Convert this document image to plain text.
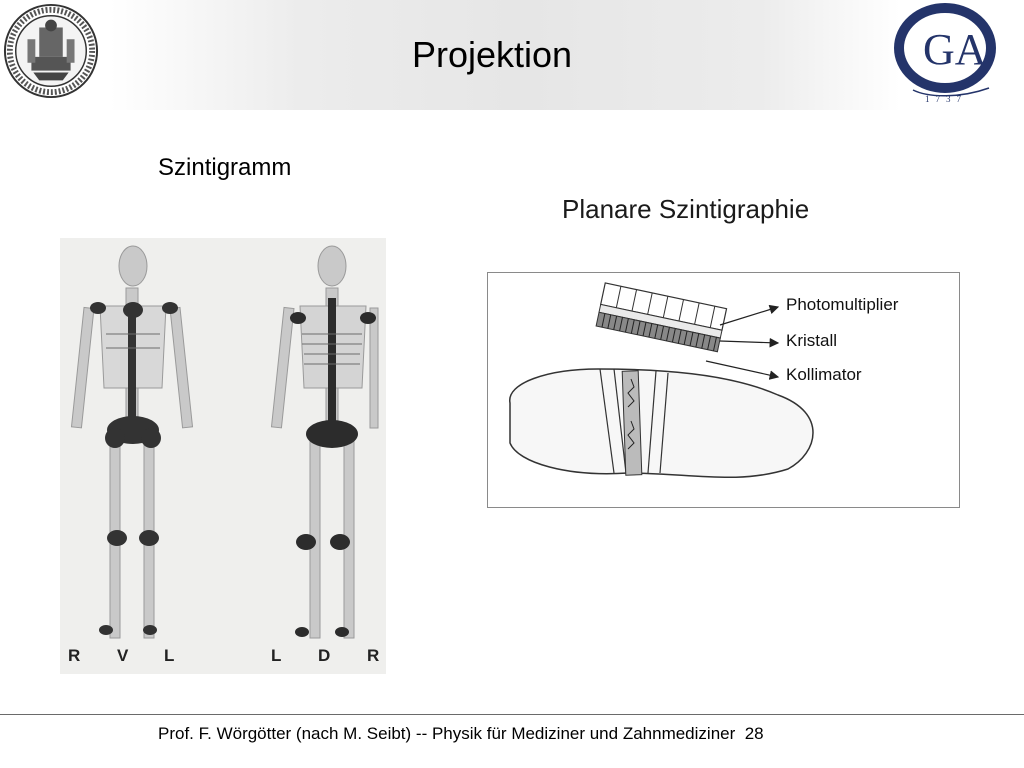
Projektion	GA
1737
Szintigramm
R V L	L D R
Planare Szintigraphie
Photomultiplier
Kristall
Kollimator
Prof. F. Wörgötter (nach M. Seibt) -- Physik für Mediziner und Zahnmediziner 28
